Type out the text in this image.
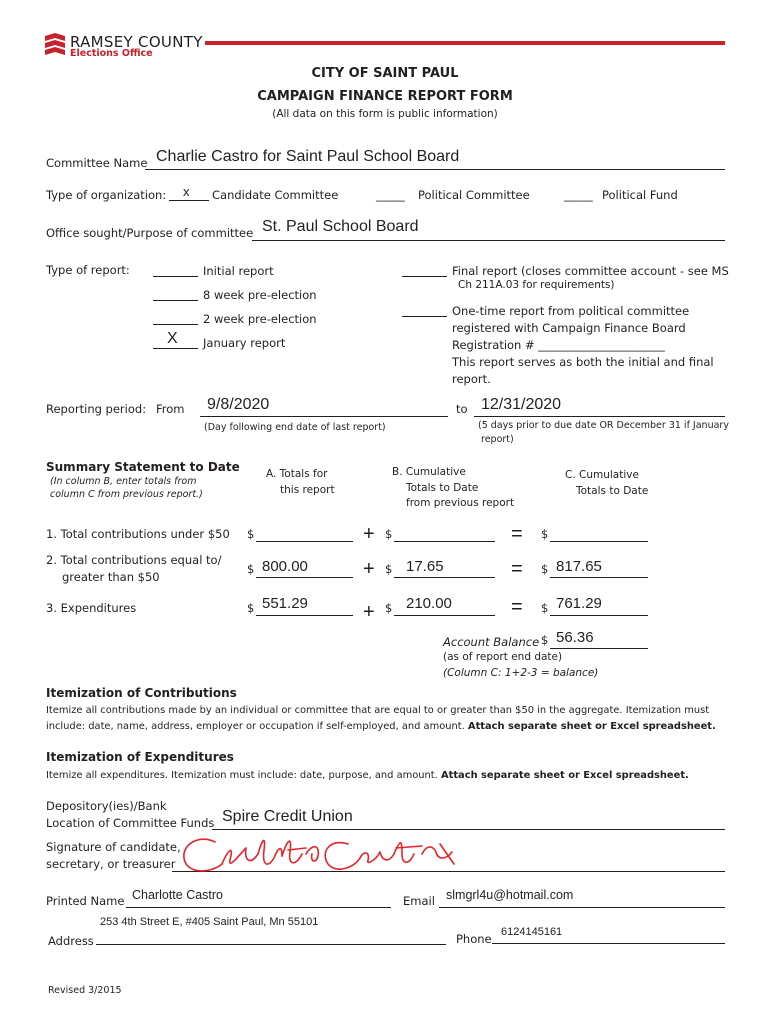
RAMSEY COUNTY
Elections Office
CITY OF SAINT PAUL
CAMPAIGN FINANCE REPORT FORM
(All data on this form is public information)
Committee Name Charlie Castro for Saint Paul School Board
Type of organization: x Candidate Committee	_____ Political Committee	_____ Political Fund
Office sought/Purpose of committee St. Paul School Board
Type of report:	Initial report
8 week pre-election
2 week pre-election
X January report
Final report (closes committee account - see MS
Ch 211A.03 for requirements)
One-time report from political committee
registered with Campaign Finance Board
Registration # ______________________
This report serves as both the initial and final
report.
Reporting period: From 9/8/2020	to 12/31/2020
(Day following end date of last report)	(5 days prior to due date OR December 31 if January
report)
Summary Statement to Date
(In column B, enter totals from
column C from previous report.)
A. Totals for
this report
B. Cumulative
Totals to Date
from previous report
C. Cumulative
Totals to Date
1. Total contributions under $50 $	+ $	= $
2. Total contributions equal to/
greater than $50
$ 800.00	+ $ 17.65	= $ 817.65
3. Expenditures	$ 551.29	+ $ 210.00	= $ 761.29
Account Balance $ 56.36
(as of report end date)
(Column C: 1+2-3 = balance)
Itemization of Contributions
Itemize all contributions made by an individual or committee that are equal to or greater than $50 in the aggregate. Itemization must
include: date, name, address, employer or occupation if self-employed, and amount. Attach separate sheet or Excel spreadsheet.
Itemization of Expenditures
Itemize all expenditures. Itemization must include: date, purpose, and amount. Attach separate sheet or Excel spreadsheet.
Depository(ies)/Bank
Location of Committee Funds Spire Credit Union
Signature of candidate,
secretary, or treasurer
Printed Name Charlotte Castro	Email slmgrl4u@hotmail.com
253 4th Street E, #405 Saint Paul, Mn 55101
Address
6124145161
Phone
Revised 3/2015
